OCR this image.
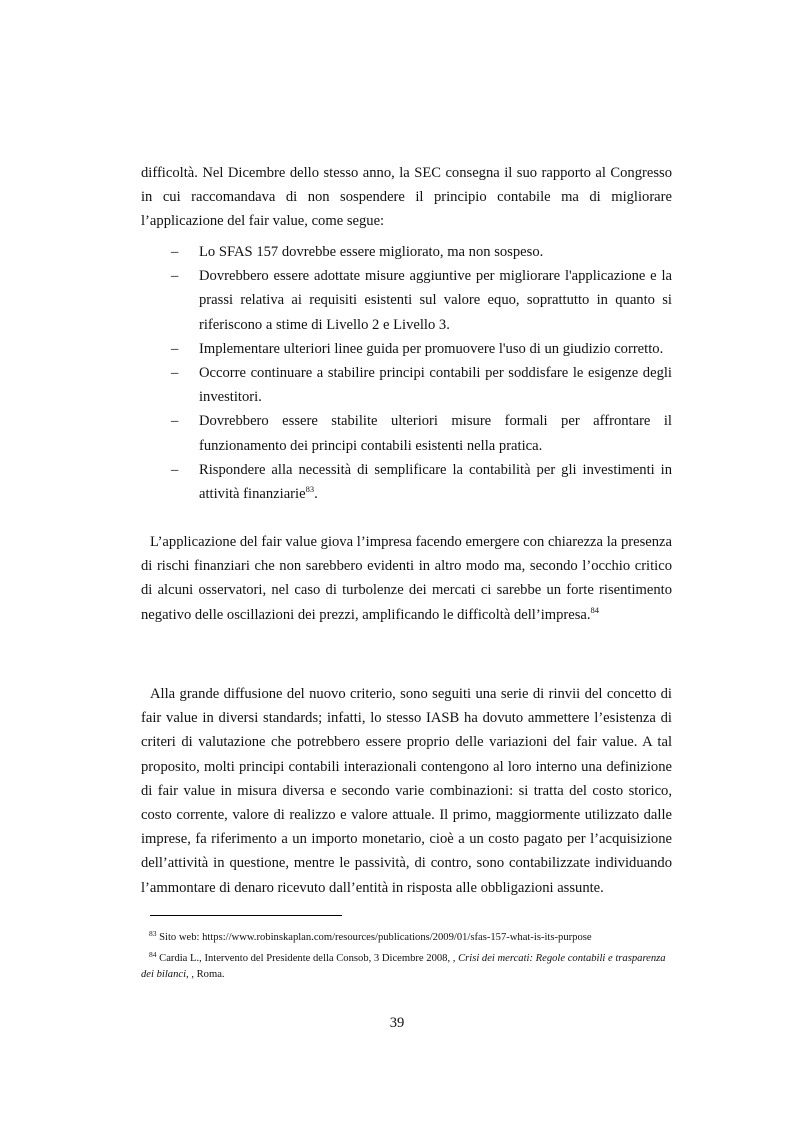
difficoltà. Nel Dicembre dello stesso anno, la SEC consegna il suo rapporto al Congresso in cui raccomandava di non sospendere il principio contabile ma di migliorare l’applicazione del fair value, come segue:

– Lo SFAS 157 dovrebbe essere migliorato, ma non sospeso.
– Dovrebbero essere adottate misure aggiuntive per migliorare l'applicazione e la prassi relativa ai requisiti esistenti sul valore equo, soprattutto in quanto si riferiscono a stime di Livello 2 e Livello 3.
– Implementare ulteriori linee guida per promuovere l'uso di un giudizio corretto.
– Occorre continuare a stabilire principi contabili per soddisfare le esigenze degli investitori.
– Dovrebbero essere stabilite ulteriori misure formali per affrontare il funzionamento dei principi contabili esistenti nella pratica.
– Rispondere alla necessità di semplificare la contabilità per gli investimenti in attività finanziarie$^{83}$.

L’applicazione del fair value giova l’impresa facendo emergere con chiarezza la presenza di rischi finanziari che non sarebbero evidenti in altro modo ma, secondo l’occhio critico di alcuni osservatori, nel caso di turbolenze dei mercati ci sarebbe un forte risentimento negativo delle oscillazioni dei prezzi, amplificando le difficoltà dell’impresa.$^{84}$

Alla grande diffusione del nuovo criterio, sono seguiti una serie di rinvii del concetto di fair value in diversi standards; infatti, lo stesso IASB ha dovuto ammettere l’esistenza di criteri di valutazione che potrebbero essere proprio delle variazioni del fair value. A tal proposito, molti principi contabili interazionali contengono al loro interno una definizione di fair value in misura diversa e secondo varie combinazioni: si tratta del costo storico, costo corrente, valore di realizzo e valore attuale. Il primo, maggiormente utilizzato dalle imprese, fa riferimento a un importo monetario, cioè a un costo pagato per l’acquisizione dell’attività in questione, mentre le passività, di contro, sono contabilizzate individuando l’ammontare di denaro ricevuto dall’entità in risposta alle obbligazioni assunte.

$^{83}$ Sito web: https://www.robinskaplan.com/resources/publications/2009/01/sfas-157-what-is-its-purpose

$^{84}$ Cardia L., Intervento del Presidente della Consob, 3 Dicembre 2008, , Crisi dei mercati: Regole contabili e trasparenza dei bilanci, , Roma.

39
